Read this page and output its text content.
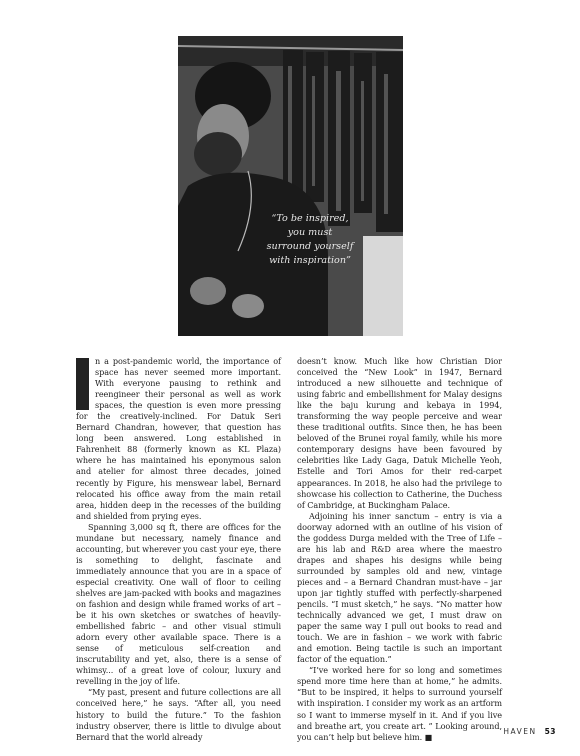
“To be inspired, you must surround yourself with inspiration”

n a post-pandemic world, the importance of space has never seemed more important. With everyone pausing to rethink and reengineer their personal as well as work spaces, the question is even more pressing for the creatively-inclined. For Datuk Seri Bernard Chandran, however, that question has long been answered. Long established in Fahrenheit 88 (formerly known as KL Plaza) where he has maintained his eponymous salon and atelier for almost three decades, joined recently by Figure, his menswear label, Bernard relocated his office away from the main retail area, hidden deep in the recesses of the building and shielded from prying eyes.

Spanning 3,000 sq ft, there are offices for the mundane but necessary, namely finance and accounting, but wherever you cast your eye, there is something to delight, fascinate and immediately announce that you are in a space of especial creativity. One wall of floor to ceiling shelves are jam-packed with books and magazines on fashion and design while framed works of art – be it his own sketches or swatches of heavily-embellished fabric – and other visual stimuli adorn every other available space. There is a sense of meticulous self-creation and inscrutability and yet, also, there is a sense of whimsy... of a great love of colour, luxury and revelling in the joy of life.

“My past, present and future collections are all conceived here,” he says. “After all, you need history to build the future.” To the fashion industry observer, there is little to divulge about Bernard that the world already

doesn’t know. Much like how Christian Dior conceived the “New Look” in 1947, Bernard introduced a new silhouette and technique of using fabric and embellishment for Malay designs like the baju kurung and kebaya in 1994, transforming the way people perceive and wear these traditional outfits. Since then, he has been beloved of the Brunei royal family, while his more contemporary designs have been favoured by celebrities like Lady Gaga, Datuk Michelle Yeoh, Estelle and Tori Amos for their red-carpet appearances. In 2018, he also had the privilege to showcase his collection to Catherine, the Duchess of Cambridge, at Buckingham Palace.

Adjoining his inner sanctum – entry is via a doorway adorned with an outline of his vision of the goddess Durga melded with the Tree of Life – are his lab and R&D area where the maestro drapes and shapes his designs while being surrounded by samples old and new, vintage pieces and – a Bernard Chandran must-have – jar upon jar tightly stuffed with perfectly-sharpened pencils. “I must sketch,” he says. “No matter how technically advanced we get, I must draw on paper the same way I pull out books to read and touch. We are in fashion – we work with fabric and emotion. Being tactile is such an important factor of the equation.”

“I’ve worked here for so long and sometimes spend more time here than at home,” he admits. “But to be inspired, it helps to surround yourself with inspiration. I consider my work as an artform so I want to immerse myself in it. And if you live and breathe art, you create art. ” Looking around, you can’t help but believe him. ■

HAVEN 53
